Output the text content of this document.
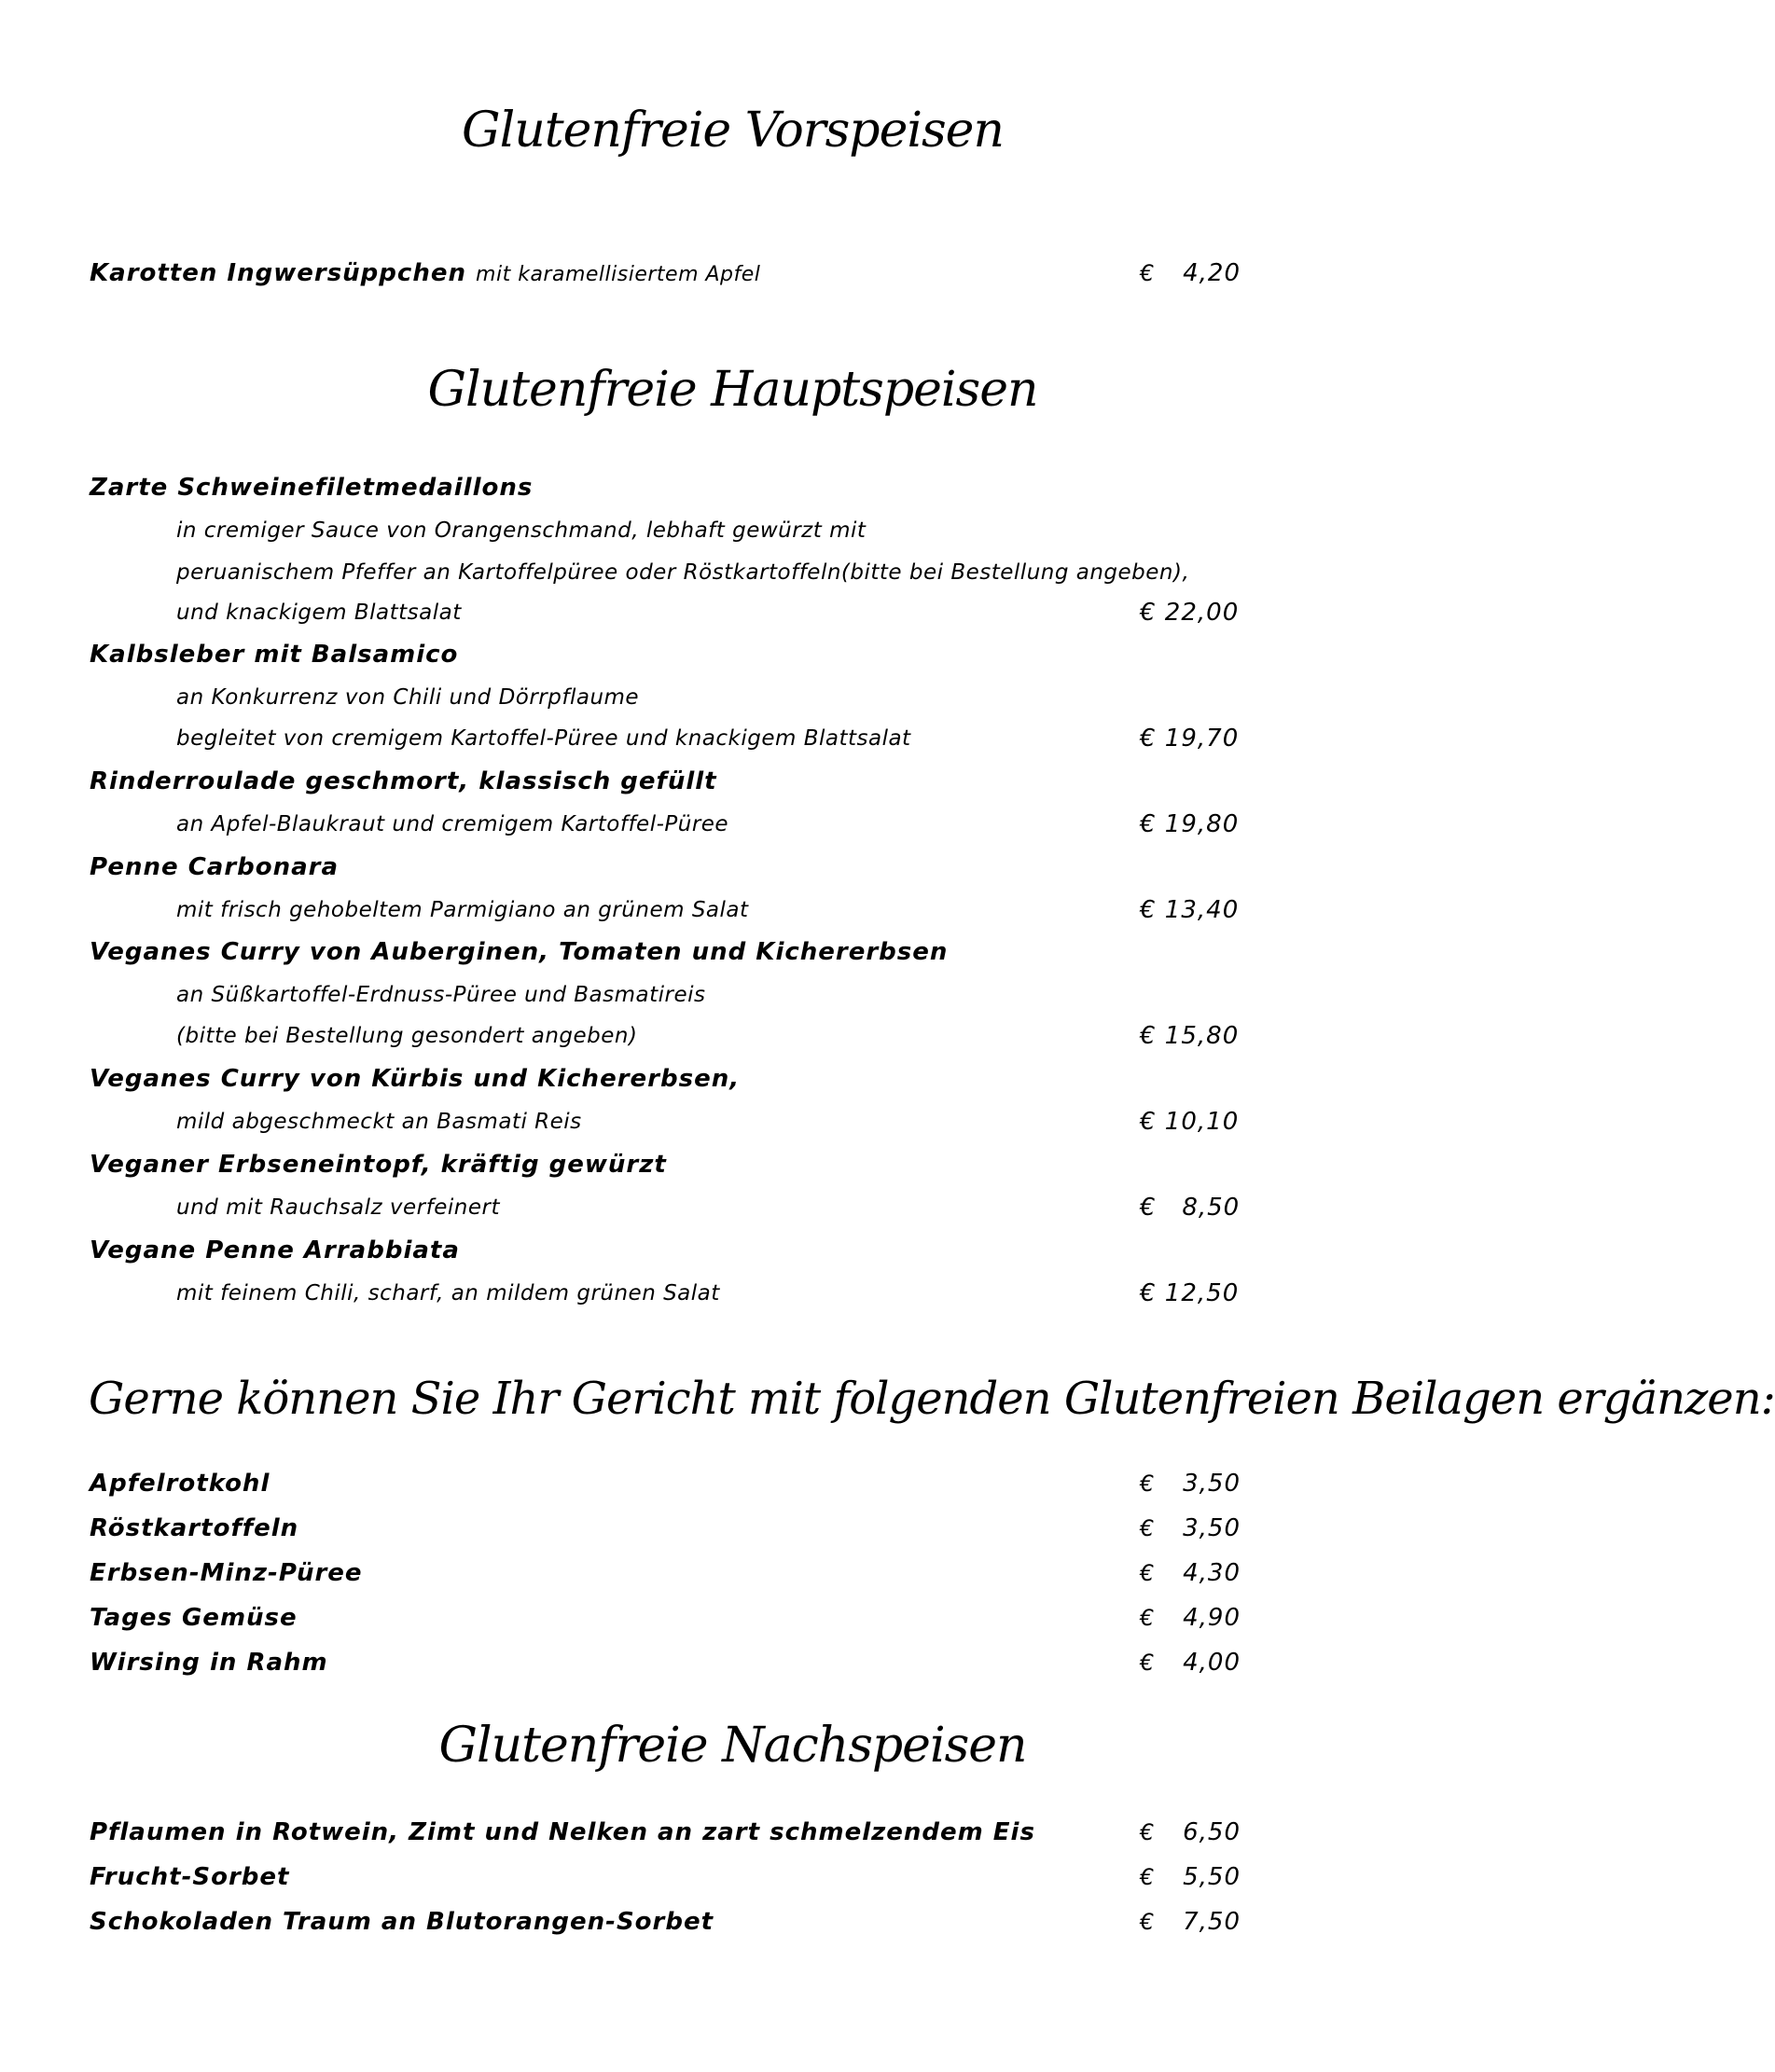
Glutenfreie Vorspeisen
Karotten Ingwersüppchen mit karamellisiertem Apfel	€	4,20
Glutenfreie Hauptspeisen
Zarte Schweinefiletmedaillons
in cremiger Sauce von Orangenschmand, lebhaft gewürzt mit
peruanischem Pfeffer an Kartoffelpüree oder Röstkartoffeln(bitte bei Bestellung angeben),
und knackigem Blattsalat	€ 22,00
Kalbsleber mit Balsamico
an Konkurrenz von Chili und Dörrpflaume
begleitet von cremigem Kartoffel-Püree und knackigem Blattsalat	€ 19,70
Rinderroulade geschmort, klassisch gefüllt
an Apfel-Blaukraut und cremigem Kartoffel-Püree	€ 19,80
Penne Carbonara
mit frisch gehobeltem Parmigiano an grünem Salat	€ 13,40
Veganes Curry von Auberginen, Tomaten und Kichererbsen
an Süßkartoffel-Erdnuss-Püree und Basmatireis
(bitte bei Bestellung gesondert angeben)	€ 15,80
Veganes Curry von Kürbis und Kichererbsen,
mild abgeschmeckt an Basmati Reis	€ 10,10
Veganer Erbseneintopf, kräftig gewürzt
und mit Rauchsalz verfeinert	€   8,50
Vegane Penne Arrabbiata
mit feinem Chili, scharf, an mildem grünen Salat	€ 12,50
Gerne können Sie Ihr Gericht mit folgenden Glutenfreien Beilagen ergänzen:
Apfelrotkohl	€	3,50
Röstkartoffeln	€	3,50
Erbsen-Minz-Püree	€	4,30
Tages Gemüse	€	4,90
Wirsing in Rahm	€	4,00
Glutenfreie Nachspeisen
Pflaumen in Rotwein, Zimt und Nelken an zart schmelzendem Eis	€	6,50
Frucht-Sorbet	€	5,50
Schokoladen Traum an Blutorangen-Sorbet	€	7,50
